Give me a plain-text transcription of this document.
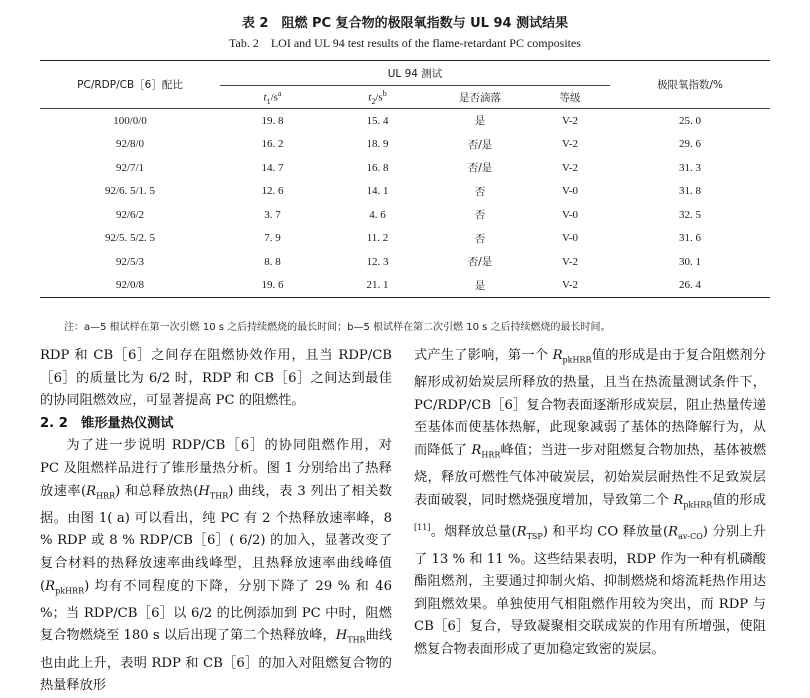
表 2　阻燃 PC 复合物的极限氧指数与 UL 94 测试结果
Tab. 2　LOI and UL 94 test results of the flame-retardant PC composites
PC/RDP/CB［6］配比	UL 94 测试				极限氧指数/%
	$t_1/s^a$	$t_2/s^b$	是否滴落	等级	
100/0/0	19. 8	15. 4	是	V-2	25. 0
92/8/0	16. 2	18. 9	否/是	V-2	29. 6
92/7/1	14. 7	16. 8	否/是	V-2	31. 3
92/6. 5/1. 5	12. 6	14. 1	否	V-0	31. 8
92/6/2	3. 7	4. 6	否	V-0	32. 5
92/5. 5/2. 5	7. 9	11. 2	否	V-0	31. 6
92/5/3	8. 8	12. 3	否/是	V-2	30. 1
92/0/8	19. 6	21. 1	是	V-2	26. 4
注：a—5 根试样在第一次引燃 10 s 之后持续燃烧的最长时间；b—5 根试样在第二次引燃 10 s 之后持续燃烧的最长时间。

RDP 和 CB［6］之间存在阻燃协效作用，且当 RDP/CB［6］的质量比为 6/2 时，RDP 和 CB［6］之间达到最佳的协同阻燃效应，可显著提高 PC 的阻燃性。

2. 2　锥形量热仪测试

为了进一步说明 RDP/CB［6］的协同阻燃作用，对 PC 及阻燃样品进行了锥形量热分析。图 1 分别给出了热释放速率$(R_{HRR})$ 和总释放热$(H_{THR})$ 曲线，表 3 列出了相关数据。由图 1( a) 可以看出，纯 PC 有 2 个热释放速率峰，8 % RDP 或 8 % RDP/CB［6］( 6/2) 的加入，显著改变了复合材料的热释放速率曲线峰型，且热释放速率曲线峰值$(R_{pkHRR})$ 均有不同程度的下降，分别下降了 29 % 和 46 %；当 RDP/CB［6］以 6/2 的比例添加到 PC 中时，阻燃复合物燃烧至 180 s 以后出现了第二个热释放峰，$H_{THR}$曲线也由此上升，表明 RDP 和 CB［6］的加入对阻燃复合物的热量释放形

式产生了影响，第一个 $R_{pkHRR}$值的形成是由于复合阻燃剂分解形成初始炭层所释放的热量，且当在热流量测试条件下，PC/RDP/CB［6］复合物表面逐渐形成炭层，阻止热量传递至基体而使基体热解，此现象减弱了基体的热降解行为，从而降低了 $R_{HRR}$峰值；当进一步对阻燃复合物加热，基体被燃烧，释放可燃性气体冲破炭层，初始炭层耐热性不足致炭层表面破裂，同时燃烧强度增加，导致第二个 $R_{pkHRR}$值的形成[11]。烟释放总量$(R_{TSP})$ 和平均 CO 释放量$(R_{av-CO})$ 分别上升了 13 % 和 11 %。这些结果表明，RDP 作为一种有机磷酸酯阻燃剂，主要通过抑制火焰、抑制燃烧和熔流耗热作用达到阻燃效果。单独使用气相阻燃作用较为突出，而 RDP 与 CB［6］复合，导致凝聚相交联成炭的作用有所增强，使阻燃复合物表面形成了更加稳定致密的炭层。
